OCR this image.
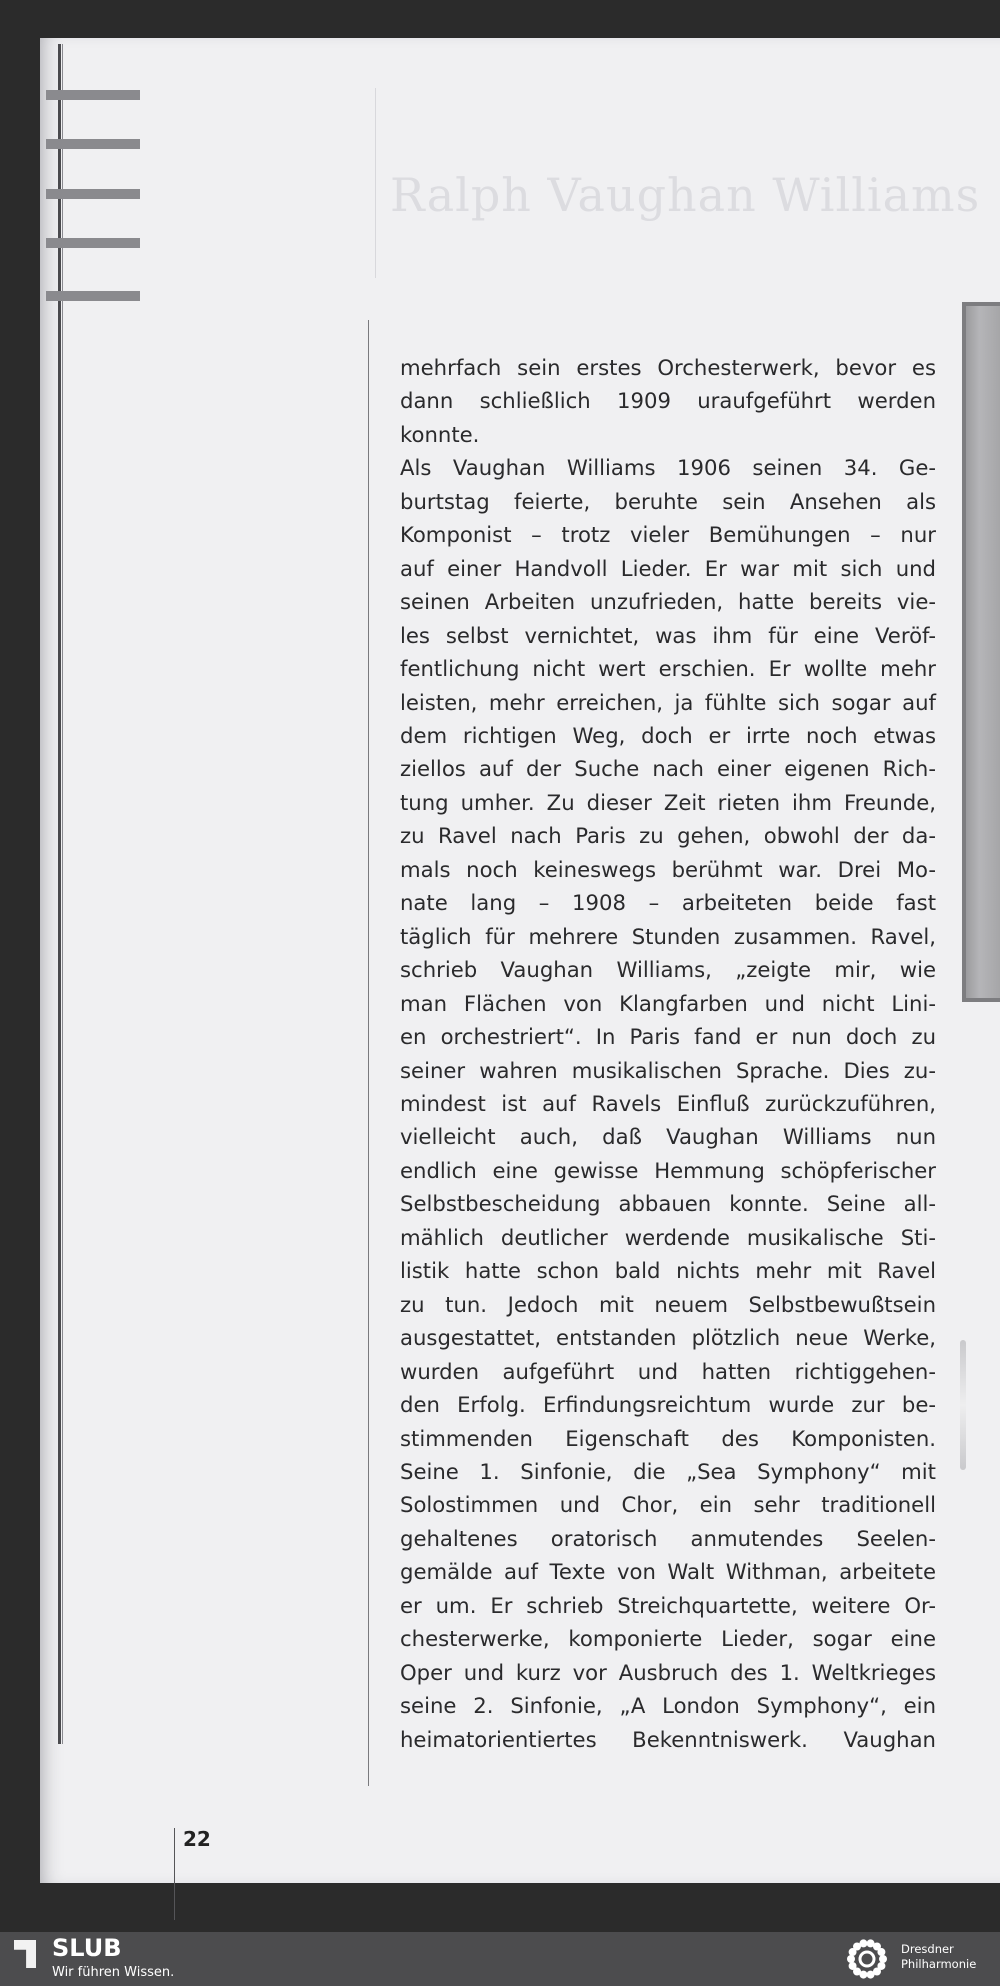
Ralph Vaughan Williams
mehrfach sein erstes Orchesterwerk, bevor es
dann schließlich 1909 uraufgeführt werden
konnte.
Als Vaughan Williams 1906 seinen 34. Ge-
burtstag feierte, beruhte sein Ansehen als
Komponist – trotz vieler Bemühungen – nur
auf einer Handvoll Lieder. Er war mit sich und
seinen Arbeiten unzufrieden, hatte bereits vie-
les selbst vernichtet, was ihm für eine Veröf-
fentlichung nicht wert erschien. Er wollte mehr
leisten, mehr erreichen, ja fühlte sich sogar auf
dem richtigen Weg, doch er irrte noch etwas
ziellos auf der Suche nach einer eigenen Rich-
tung umher. Zu dieser Zeit rieten ihm Freunde,
zu Ravel nach Paris zu gehen, obwohl der da-
mals noch keineswegs berühmt war. Drei Mo-
nate lang – 1908 – arbeiteten beide fast
täglich für mehrere Stunden zusammen. Ravel,
schrieb Vaughan Williams, „zeigte mir, wie
man Flächen von Klangfarben und nicht Lini-
en orchestriert“. In Paris fand er nun doch zu
seiner wahren musikalischen Sprache. Dies zu-
mindest ist auf Ravels Einfluß zurückzuführen,
vielleicht auch, daß Vaughan Williams nun
endlich eine gewisse Hemmung schöpferischer
Selbstbescheidung abbauen konnte. Seine all-
mählich deutlicher werdende musikalische Sti-
listik hatte schon bald nichts mehr mit Ravel
zu tun. Jedoch mit neuem Selbstbewußtsein
ausgestattet, entstanden plötzlich neue Werke,
wurden aufgeführt und hatten richtiggehen-
den Erfolg. Erfindungsreichtum wurde zur be-
stimmenden Eigenschaft des Komponisten.
Seine 1. Sinfonie, die „Sea Symphony“ mit
Solostimmen und Chor, ein sehr traditionell
gehaltenes oratorisch anmutendes Seelen-
gemälde auf Texte von Walt Withman, arbeitete
er um. Er schrieb Streichquartette, weitere Or-
chesterwerke, komponierte Lieder, sogar eine
Oper und kurz vor Ausbruch des 1. Weltkrieges
seine 2. Sinfonie, „A London Symphony“, ein
heimatorientiertes Bekenntniswerk. Vaughan
22
SLUB
Wir führen Wissen.
Dresdner
Philharmonie
